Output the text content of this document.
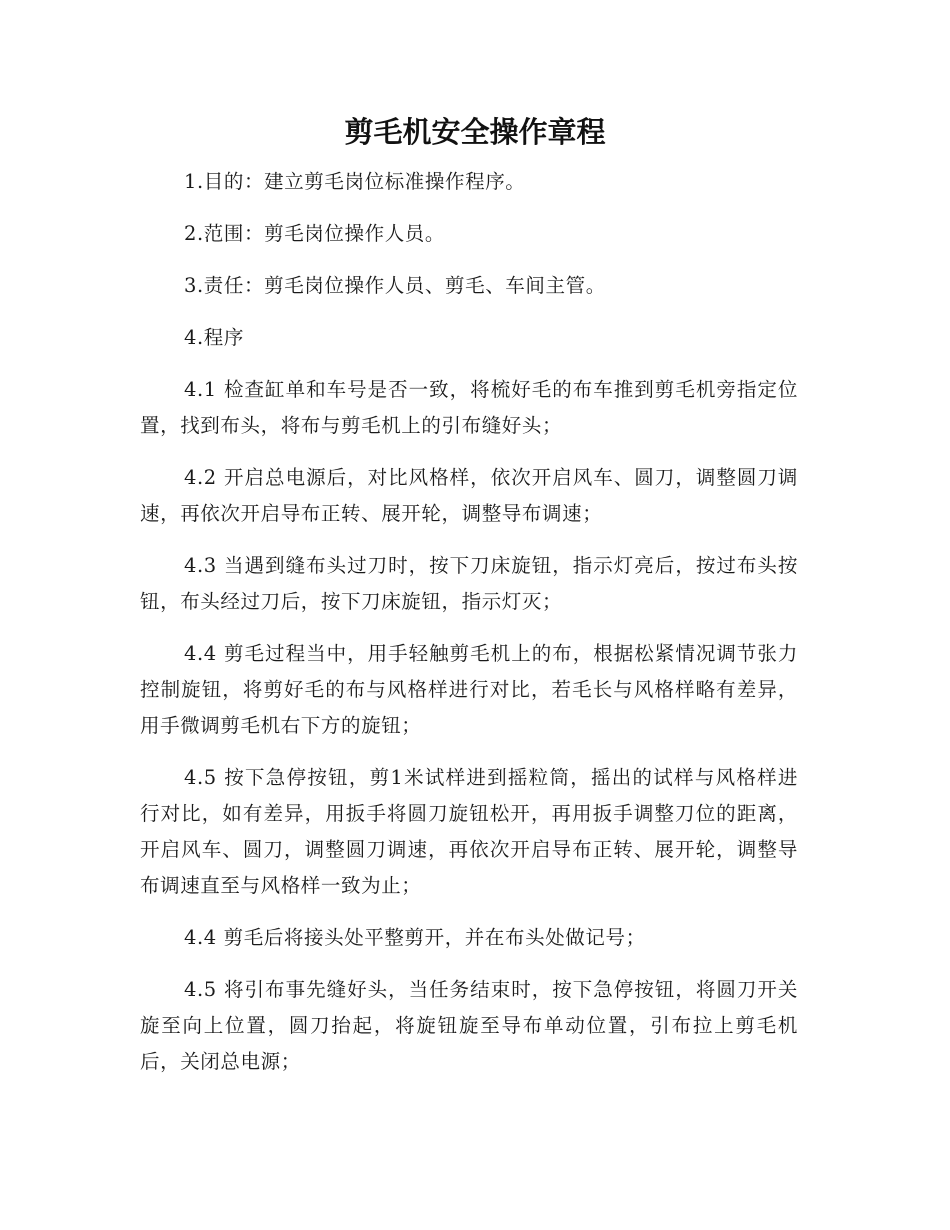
剪毛机安全操作章程

1.目的：建立剪毛岗位标准操作程序。

2.范围：剪毛岗位操作人员。

3.责任：剪毛岗位操作人员、剪毛、车间主管。

4.程序

4.1 检查缸单和车号是否一致，将梳好毛的布车推到剪毛机旁指定位置，找到布头，将布与剪毛机上的引布缝好头；

4.2 开启总电源后，对比风格样，依次开启风车、圆刀，调整圆刀调速，再依次开启导布正转、展开轮，调整导布调速；

4.3 当遇到缝布头过刀时，按下刀床旋钮，指示灯亮后，按过布头按钮，布头经过刀后，按下刀床旋钮，指示灯灭；

4.4 剪毛过程当中，用手轻触剪毛机上的布，根据松紧情况调节张力控制旋钮，将剪好毛的布与风格样进行对比，若毛长与风格样略有差异，用手微调剪毛机右下方的旋钮；

4.5 按下急停按钮，剪1米试样进到摇粒筒，摇出的试样与风格样进行对比，如有差异，用扳手将圆刀旋钮松开，再用扳手调整刀位的距离，开启风车、圆刀，调整圆刀调速，再依次开启导布正转、展开轮，调整导布调速直至与风格样一致为止；

4.4 剪毛后将接头处平整剪开，并在布头处做记号；

4.5 将引布事先缝好头，当任务结束时，按下急停按钮，将圆刀开关旋至向上位置，圆刀抬起，将旋钮旋至导布单动位置，引布拉上剪毛机后，关闭总电源；
